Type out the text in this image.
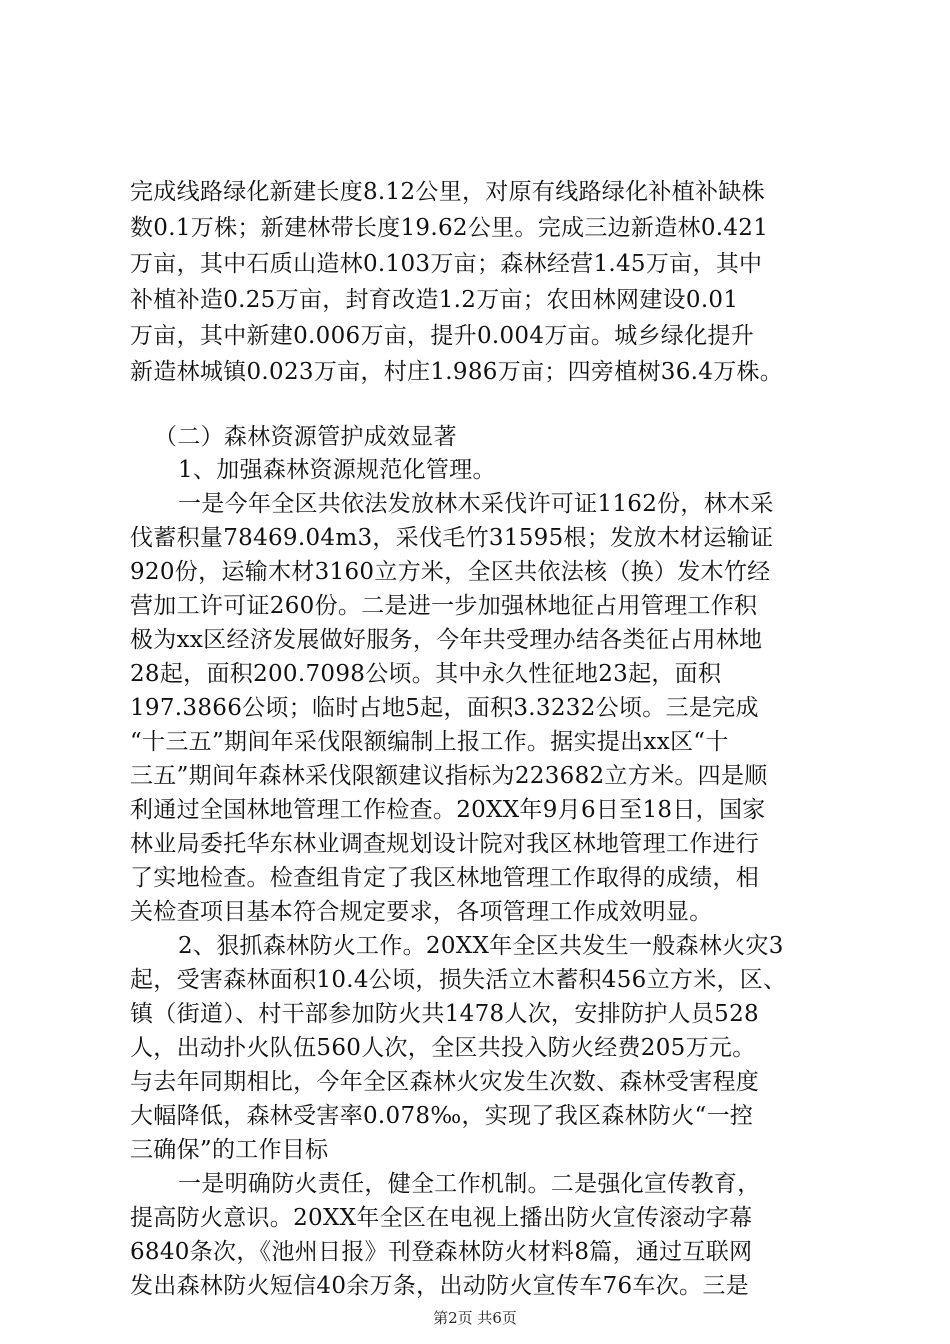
完成线路绿化新建长度8.12公里，对原有线路绿化补植补缺株
数0.1万株；新建林带长度19.62公里。完成三边新造林0.421
万亩，其中石质山造林0.103万亩；森林经营1.45万亩，其中
补植补造0.25万亩，封育改造1.2万亩；农田林网建设0.01
万亩，其中新建0.006万亩，提升0.004万亩。城乡绿化提升
新造林城镇0.023万亩，村庄1.986万亩；四旁植树36.4万株。
（二）森林资源管护成效显著
1、加强森林资源规范化管理。
一是今年全区共依法发放林木采伐许可证1162份，林木采
伐蓄积量78469.04m3，采伐毛竹31595根；发放木材运输证
920份，运输木材3160立方米，全区共依法核（换）发木竹经
营加工许可证260份。二是进一步加强林地征占用管理工作积
极为xx区经济发展做好服务，今年共受理办结各类征占用林地
28起，面积200.7098公顷。其中永久性征地23起，面积
197.3866公顷；临时占地5起，面积3.3232公顷。三是完成
“十三五”期间年采伐限额编制上报工作。据实提出xx区“十
三五”期间年森林采伐限额建议指标为223682立方米。四是顺
利通过全国林地管理工作检查。20XX年9月6日至18日，国家
林业局委托华东林业调查规划设计院对我区林地管理工作进行
了实地检查。检查组肯定了我区林地管理工作取得的成绩，相
关检查项目基本符合规定要求，各项管理工作成效明显。
2、狠抓森林防火工作。20XX年全区共发生一般森林火灾3
起，受害森林面积10.4公顷，损失活立木蓄积456立方米，区、
镇（街道）、村干部参加防火共1478人次，安排防护人员528
人，出动扑火队伍560人次，全区共投入防火经费205万元。
与去年同期相比，今年全区森林火灾发生次数、森林受害程度
大幅降低，森林受害率0.078‰，实现了我区森林防火“一控
三确保”的工作目标
一是明确防火责任，健全工作机制。二是强化宣传教育，
提高防火意识。20XX年全区在电视上播出防火宣传滚动字幕
6840条次，《池州日报》刊登森林防火材料8篇，通过互联网
发出森林防火短信40余万条，出动防火宣传车76车次。三是
第2页 共6页
